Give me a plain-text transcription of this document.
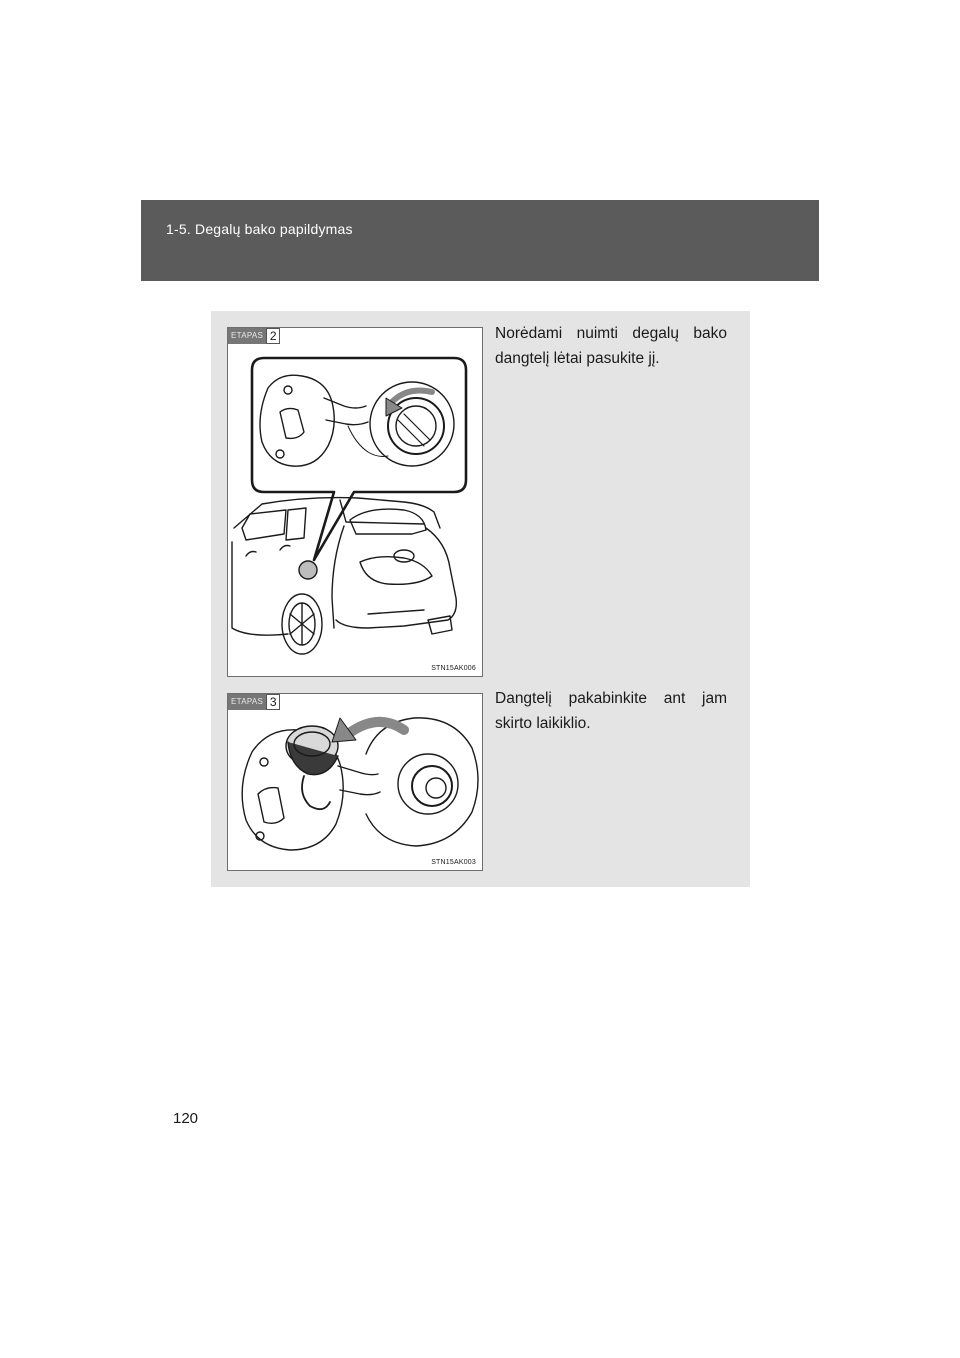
1-5. Degalų bako papildymas
ETAPAS 2
STN15AK006

Norėdami nuimti degalų bako dangtelį lėtai pasukite jį.

ETAPAS 3
STN15AK003

Dangtelį pakabinkite ant jam skirto laikiklio.

120
